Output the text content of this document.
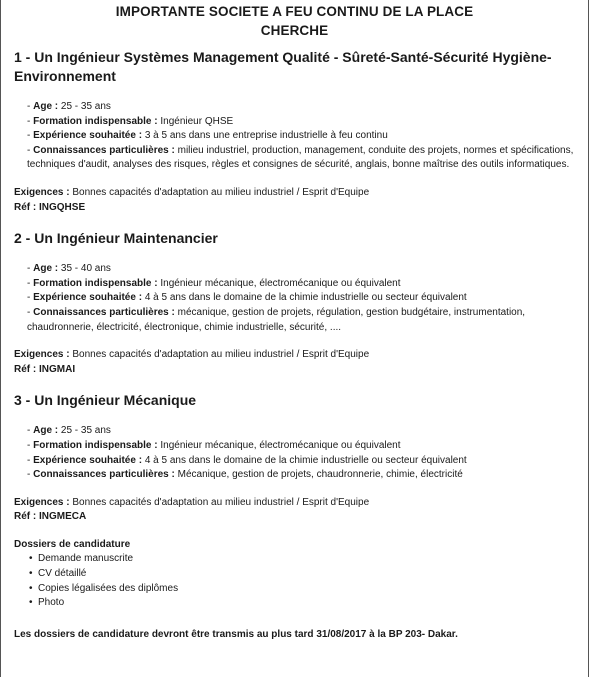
IMPORTANTE SOCIETE A FEU CONTINU DE LA PLACE
CHERCHE
1 - Un Ingénieur Systèmes Management Qualité - Sûreté-Santé-Sécurité Hygiène-Environnement
- Age : 25 - 35 ans
- Formation indispensable : Ingénieur QHSE
- Expérience souhaitée : 3 à 5 ans dans une entreprise industrielle à feu continu
- Connaissances particulières : milieu industriel, production, management, conduite des projets, normes et spécifications, techniques d'audit, analyses des risques, règles et consignes de sécurité, anglais, bonne maîtrise des outils informatiques.
Exigences : Bonnes capacités d'adaptation au milieu industriel / Esprit d'Equipe
Réf : INGQHSE
2 - Un Ingénieur Maintenancier
- Age : 35 - 40 ans
- Formation indispensable : Ingénieur mécanique, électromécanique ou équivalent
- Expérience souhaitée : 4 à 5 ans dans le domaine de la chimie industrielle ou secteur équivalent
- Connaissances particulières : mécanique, gestion de projets, régulation, gestion budgétaire, instrumentation, chaudronnerie, électricité, électronique, chimie industrielle, sécurité, ....
Exigences : Bonnes capacités d'adaptation au milieu industriel / Esprit d'Equipe
Réf : INGMAI
3 - Un Ingénieur Mécanique
- Age : 25 - 35 ans
- Formation indispensable : Ingénieur mécanique, électromécanique ou équivalent
- Expérience souhaitée : 4 à 5 ans dans le domaine de la chimie industrielle ou secteur équivalent
- Connaissances particulières : Mécanique, gestion de projets, chaudronnerie, chimie, électricité
Exigences : Bonnes capacités d'adaptation au milieu industriel / Esprit d'Equipe
Réf : INGMECA
Dossiers de candidature
• Demande manuscrite
• CV détaillé
• Copies légalisées des diplômes
• Photo
Les dossiers de candidature devront être transmis au plus tard 31/08/2017 à la BP 203- Dakar.
